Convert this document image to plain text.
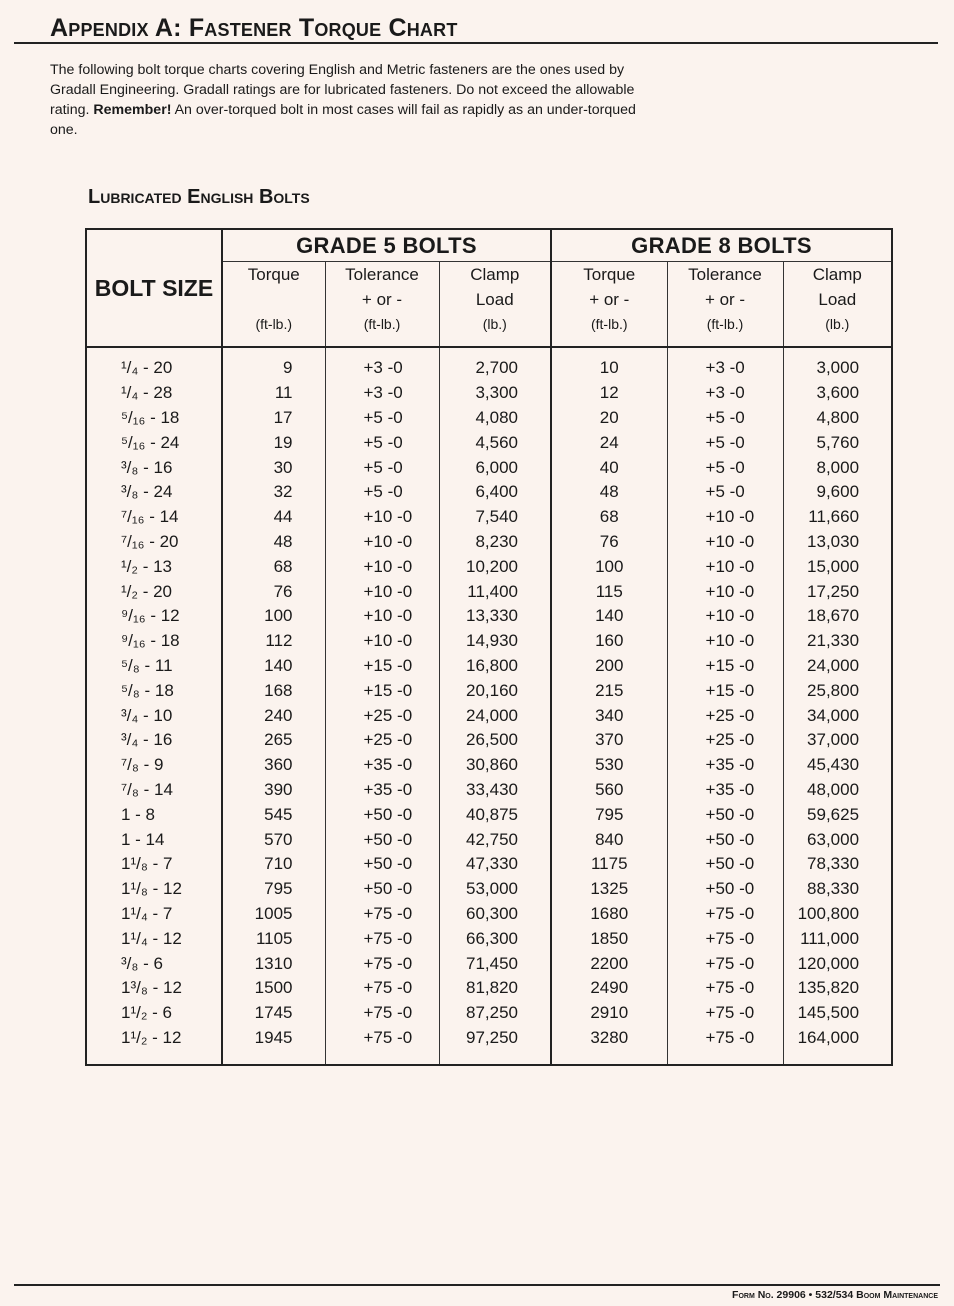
Appendix A: Fastener Torque Chart
The following bolt torque charts covering English and Metric fasteners are the ones used by Gradall Engineering. Gradall ratings are for lubricated fasteners. Do not exceed the allowable rating. Remember! An over-torqued bolt in most cases will fail as rapidly as an under-torqued one.
Lubricated English Bolts
BOLT SIZE	GRADE 5 BOLTS			GRADE 8 BOLTS		
	Torque

(ft-lb.)	Tolerance
+ or -

(ft-lb.)	Clamp
Load

(lb.)	Torque
+ or -

(ft-lb.)	Tolerance
+ or -

(ft-lb.)	Clamp
Load

(lb.)

¹/₄ - 20	9	+3 -0	2,700	10	+3 -0	3,000
¹/₄ - 28	11	+3 -0	3,300	12	+3 -0	3,600
⁵/₁₆ - 18	17	+5 -0	4,080	20	+5 -0	4,800
⁵/₁₆ - 24	19	+5 -0	4,560	24	+5 -0	5,760
³/₈ - 16	30	+5 -0	6,000	40	+5 -0	8,000
³/₈ - 24	32	+5 -0	6,400	48	+5 -0	9,600
⁷/₁₆ - 14	44	+10 -0	7,540	68	+10 -0	11,660
⁷/₁₆ - 20	48	+10 -0	8,230	76	+10 -0	13,030
¹/₂ - 13	68	+10 -0	10,200	100	+10 -0	15,000
¹/₂ - 20	76	+10 -0	11,400	115	+10 -0	17,250
⁹/₁₆ - 12	100	+10 -0	13,330	140	+10 -0	18,670
⁹/₁₆ - 18	112	+10 -0	14,930	160	+10 -0	21,330
⁵/₈ - 11	140	+15 -0	16,800	200	+15 -0	24,000
⁵/₈ - 18	168	+15 -0	20,160	215	+15 -0	25,800
³/₄ - 10	240	+25 -0	24,000	340	+25 -0	34,000
³/₄ - 16	265	+25 -0	26,500	370	+25 -0	37,000
⁷/₈ - 9	360	+35 -0	30,860	530	+35 -0	45,430
⁷/₈ - 14	390	+35 -0	33,430	560	+35 -0	48,000
1 - 8	545	+50 -0	40,875	795	+50 -0	59,625
1 - 14	570	+50 -0	42,750	840	+50 -0	63,000
1¹/₈ - 7	710	+50 -0	47,330	1175	+50 -0	78,330
1¹/₈ - 12	795	+50 -0	53,000	1325	+50 -0	88,330
1¹/₄ - 7	1005	+75 -0	60,300	1680	+75 -0	100,800
1¹/₄ - 12	1105	+75 -0	66,300	1850	+75 -0	111,000
³/₈ - 6	1310	+75 -0	71,450	2200	+75 -0	120,000
1³/₈ - 12	1500	+75 -0	81,820	2490	+75 -0	135,820
1¹/₂ - 6	1745	+75 -0	87,250	2910	+75 -0	145,500
1¹/₂ - 12	1945	+75 -0	97,250	3280	+75 -0	164,000
Form No. 29906 • 532/534 Boom Maintenance
